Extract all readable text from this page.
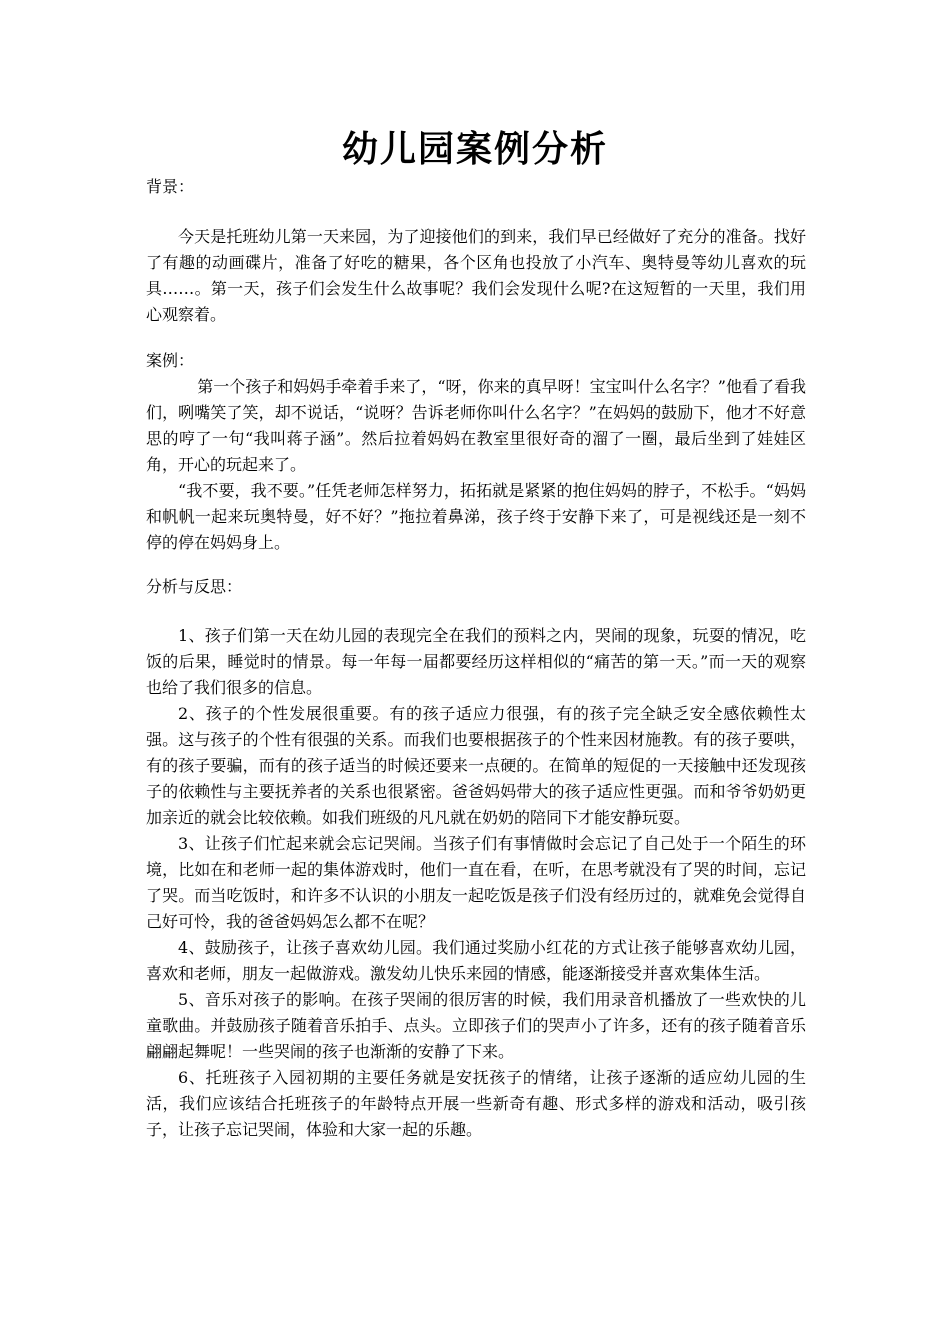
幼儿园案例分析
背景：

今天是托班幼儿第一天来园，为了迎接他们的到来，我们早已经做好了充分的准备。找好了有趣的动画碟片，准备了好吃的糖果，各个区角也投放了小汽车、奥特曼等幼儿喜欢的玩具……。第一天，孩子们会发生什么故事呢？我们会发现什么呢?在这短暂的一天里，我们用心观察着。

案例：

第一个孩子和妈妈手牵着手来了，“呀，你来的真早呀！宝宝叫什么名字？”他看了看我们，咧嘴笑了笑，却不说话，“说呀？告诉老师你叫什么名字？”在妈妈的鼓励下，他才不好意思的哼了一句“我叫蒋子涵”。然后拉着妈妈在教室里很好奇的溜了一圈，最后坐到了娃娃区角，开心的玩起来了。

“我不要，我不要。”任凭老师怎样努力，拓拓就是紧紧的抱住妈妈的脖子，不松手。“妈妈和帆帆一起来玩奥特曼，好不好？”拖拉着鼻涕，孩子终于安静下来了，可是视线还是一刻不停的停在妈妈身上。

分析与反思：

1、孩子们第一天在幼儿园的表现完全在我们的预料之内，哭闹的现象，玩耍的情况，吃饭的后果，睡觉时的情景。每一年每一届都要经历这样相似的“痛苦的第一天。”而一天的观察也给了我们很多的信息。

2、孩子的个性发展很重要。有的孩子适应力很强，有的孩子完全缺乏安全感依赖性太强。这与孩子的个性有很强的关系。而我们也要根据孩子的个性来因材施教。有的孩子要哄，有的孩子要骗，而有的孩子适当的时候还要来一点硬的。在简单的短促的一天接触中还发现孩子的依赖性与主要抚养者的关系也很紧密。爸爸妈妈带大的孩子适应性更强。而和爷爷奶奶更加亲近的就会比较依赖。如我们班级的凡凡就在奶奶的陪同下才能安静玩耍。

3、让孩子们忙起来就会忘记哭闹。当孩子们有事情做时会忘记了自己处于一个陌生的环境，比如在和老师一起的集体游戏时，他们一直在看，在听，在思考就没有了哭的时间，忘记了哭。而当吃饭时，和许多不认识的小朋友一起吃饭是孩子们没有经历过的，就难免会觉得自己好可怜，我的爸爸妈妈怎么都不在呢？

4、鼓励孩子，让孩子喜欢幼儿园。我们通过奖励小红花的方式让孩子能够喜欢幼儿园，喜欢和老师，朋友一起做游戏。激发幼儿快乐来园的情感，能逐渐接受并喜欢集体生活。

5、音乐对孩子的影响。在孩子哭闹的很厉害的时候，我们用录音机播放了一些欢快的儿童歌曲。并鼓励孩子随着音乐拍手、点头。立即孩子们的哭声小了许多，还有的孩子随着音乐翩翩起舞呢！一些哭闹的孩子也渐渐的安静了下来。

6、托班孩子入园初期的主要任务就是安抚孩子的情绪，让孩子逐渐的适应幼儿园的生活，我们应该结合托班孩子的年龄特点开展一些新奇有趣、形式多样的游戏和活动，吸引孩子，让孩子忘记哭闹，体验和大家一起的乐趣。
